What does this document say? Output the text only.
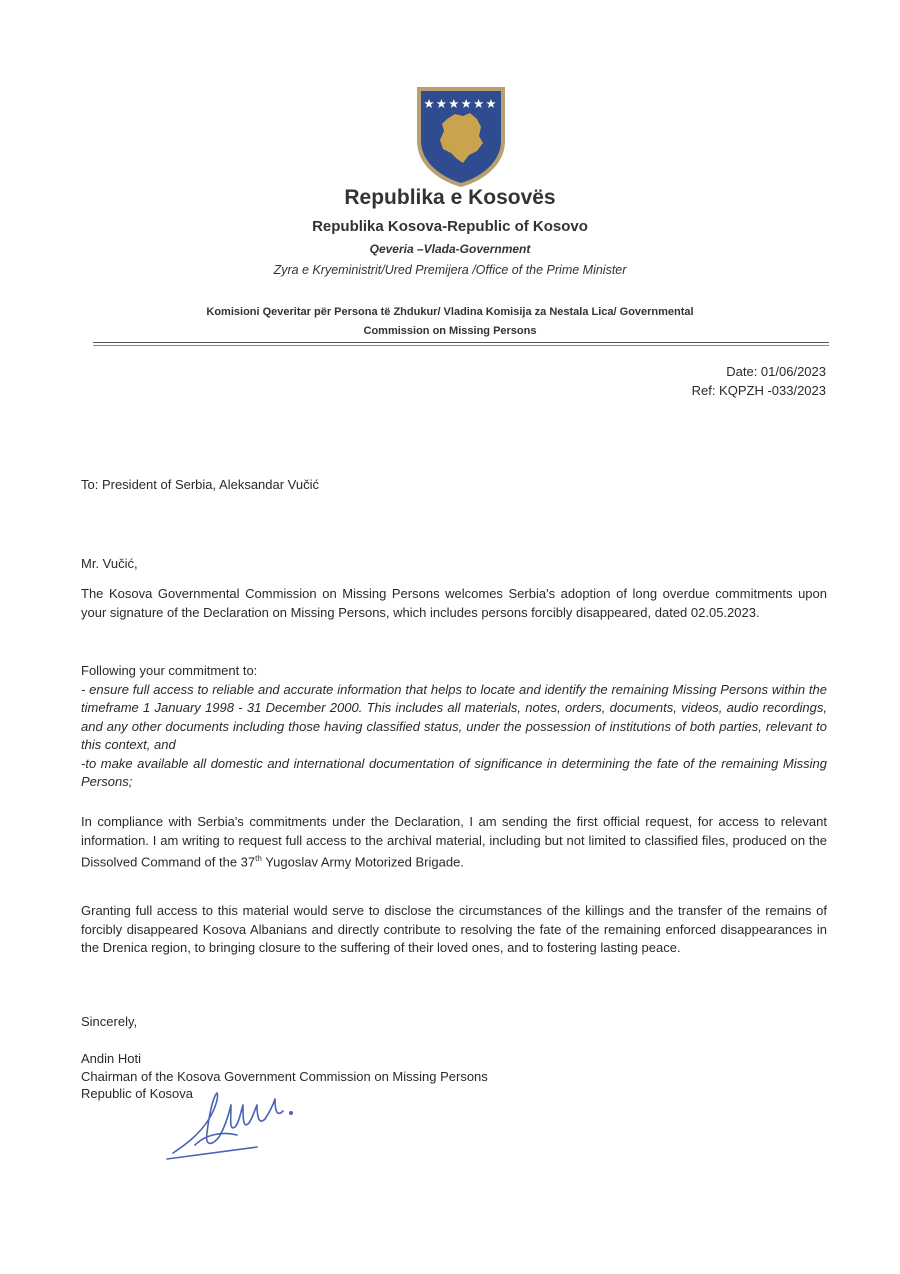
Republika e Kosovës
Republika Kosova-Republic of Kosovo
Qeveria –Vlada-Government
Zyra e Kryeministrit/Ured Premijera /Office of the Prime Minister
Komisioni Qeveritar për Persona të Zhdukur/ Vladina Komisija za Nestala Lica/ Governmental
Commission on Missing Persons
Date: 01/06/2023
Ref: KQPZH -033/2023
To: President of Serbia, Aleksandar Vučić
Mr. Vučić,
The Kosova Governmental Commission on Missing Persons welcomes Serbia's adoption of long overdue commitments upon your signature of the Declaration on Missing Persons, which includes persons forcibly disappeared, dated 02.05.2023.
Following your commitment to:
- ensure full access to reliable and accurate information that helps to locate and identify the remaining Missing Persons within the timeframe 1 January 1998 - 31 December 2000. This includes all materials, notes, orders, documents, videos, audio recordings, and any other documents including those having classified status, under the possession of institutions of both parties, relevant to this context, and
-to make available all domestic and international documentation of significance in determining the fate of the remaining Missing Persons;
In compliance with Serbia's commitments under the Declaration, I am sending the first official request, for access to relevant information. I am writing to request full access to the archival material, including but not limited to classified files, produced on the Dissolved Command of the 37th Yugoslav Army Motorized Brigade.
Granting full access to this material would serve to disclose the circumstances of the killings and the transfer of the remains of forcibly disappeared Kosova Albanians and directly contribute to resolving the fate of the remaining enforced disappearances in the Drenica region, to bringing closure to the suffering of their loved ones, and to fostering lasting peace.
Sincerely,
Andin Hoti
Chairman of the Kosova Government Commission on Missing Persons
Republic of Kosova
